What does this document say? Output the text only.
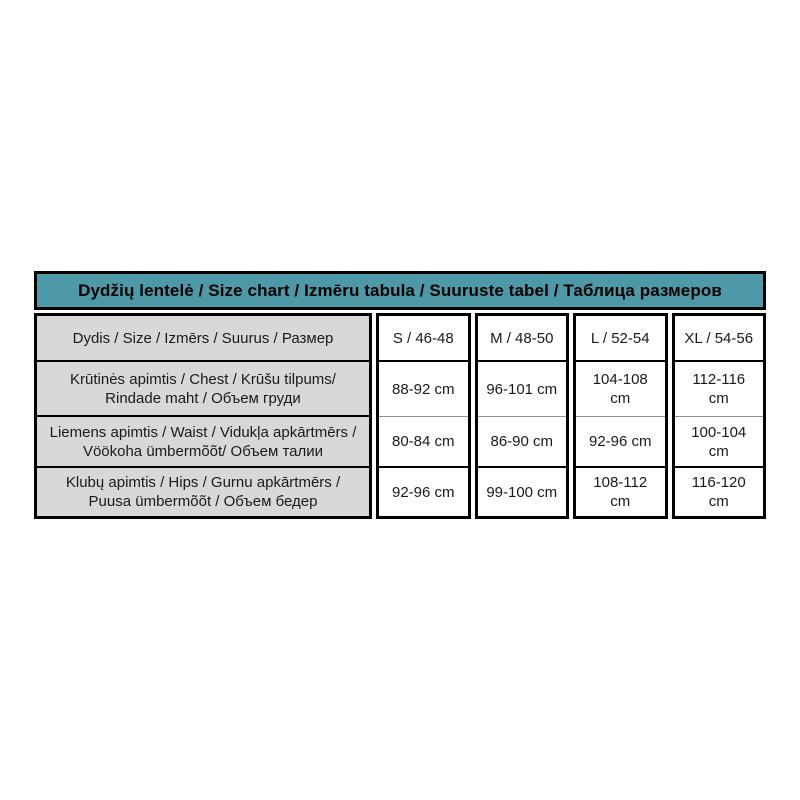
Dydžių lentelė / Size chart / Izmēru tabula / Suuruste tabel / Таблица размеров
Dydis / Size / Izmērs / Suurus / Размер
Krūtinės apimtis / Chest / Krūšu tilpums/ Rindade maht / Объем груди
Liemens apimtis / Waist / Vidukļa apkārtmērs / Vöökoha ümbermõõt/ Объем талии
Klubų apimtis / Hips / Gurnu apkārtmērs / Puusa ümbermõõt / Объем бедер
S / 46-48
88-92 cm
80-84 cm
92-96 cm
M / 48-50
96-101 cm
86-90 cm
99-100 cm
L / 52-54
104-108 cm
92-96 cm
108-112 cm
XL / 54-56
112-116 cm
100-104 cm
116-120 cm
